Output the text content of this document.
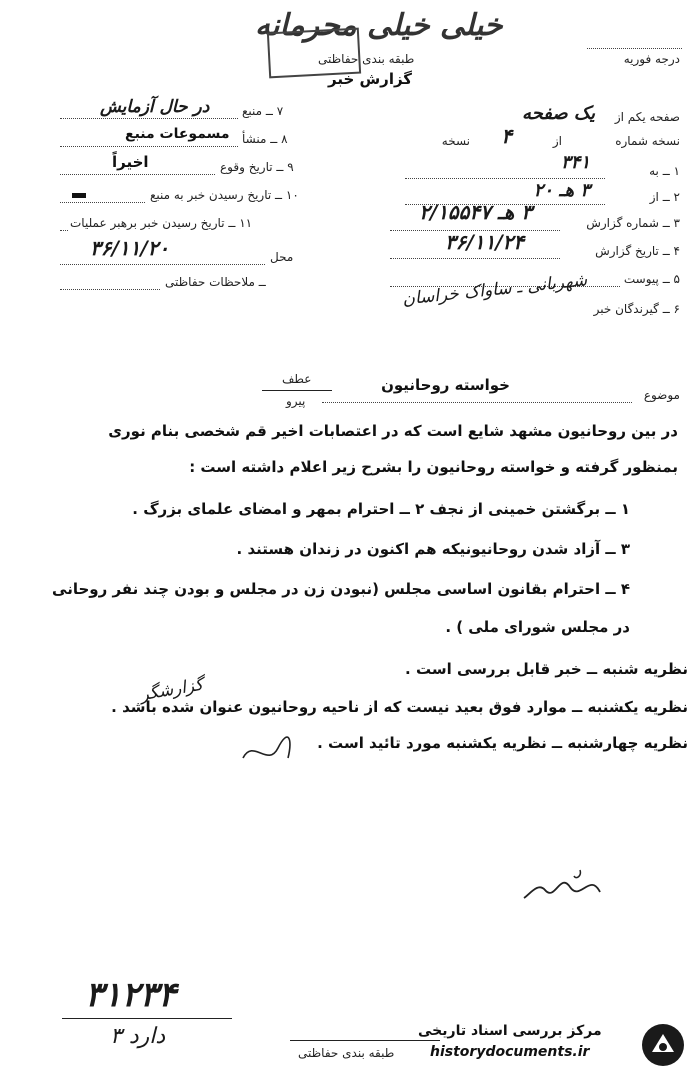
خیلی خیلی محرمانه
طبقه بندی حفاظتی
گزارش خبر
درجه فوریه
صفحه یکم از
یک صفحه
نسخه شماره
از
نسخه ۴
۱ ــ به
۳۴۱
۲ ــ از
۳ هـ ۲۰
۳ ــ شماره گزارش
۳ هـ ۲/۱۵۵۴۷
۴ ــ تاریخ گزارش
۳۶/۱۱/۲۴
۵ ــ پیوست
۶ ــ گیرندگان خبر
شهربانی ـ ساواک خراسان
۷ ــ منبع
در حال آزمایش
۸ ــ منشأ
مسموعات منبع
۹ ــ تاریخ وقوع
اخیراً
۱۰ ــ تاریخ رسیدن خبر به منبع
۱۱ ــ تاریخ رسیدن خبر برهبر عملیات
۳۶/۱۱/۲۰	محل
ــ ملاحظات حفاظتی
عطف
پیرو	موضوع
خواسته روحانیون
در بین روحانیون مشهد شایع است که در اعتصابات اخیر قم شخصی بنام نوری
بمنظور گرفته و خواسته روحانیون را بشرح زیر اعلام داشته است :
۱ ــ برگشتن خمینی از نجف ۲ ــ احترام بمهر و امضای علمای بزرگ .
۳ ــ آزاد شدن روحانیونیکه هم اکنون در زندان هستند .
۴ ــ احترام بقانون اساسی مجلس (نبودن زن در مجلس و بودن چند نفر روحانی
در مجلس شورای ملی ) .
نظریه شنبه ــ خبر قابل بررسی است .
نظریه یکشنبه ــ موارد فوق بعید نیست که از ناحیه روحانیون عنوان شده باشد .
نظریه چهارشنبه ــ نظریه یکشنبه مورد تائید است .
گزارشگر
۳۱۲۳۴
دارد ۳
طبقه بندی حفاظتی
مرکز بررسی اسناد تاریخی
historydocuments.ir
